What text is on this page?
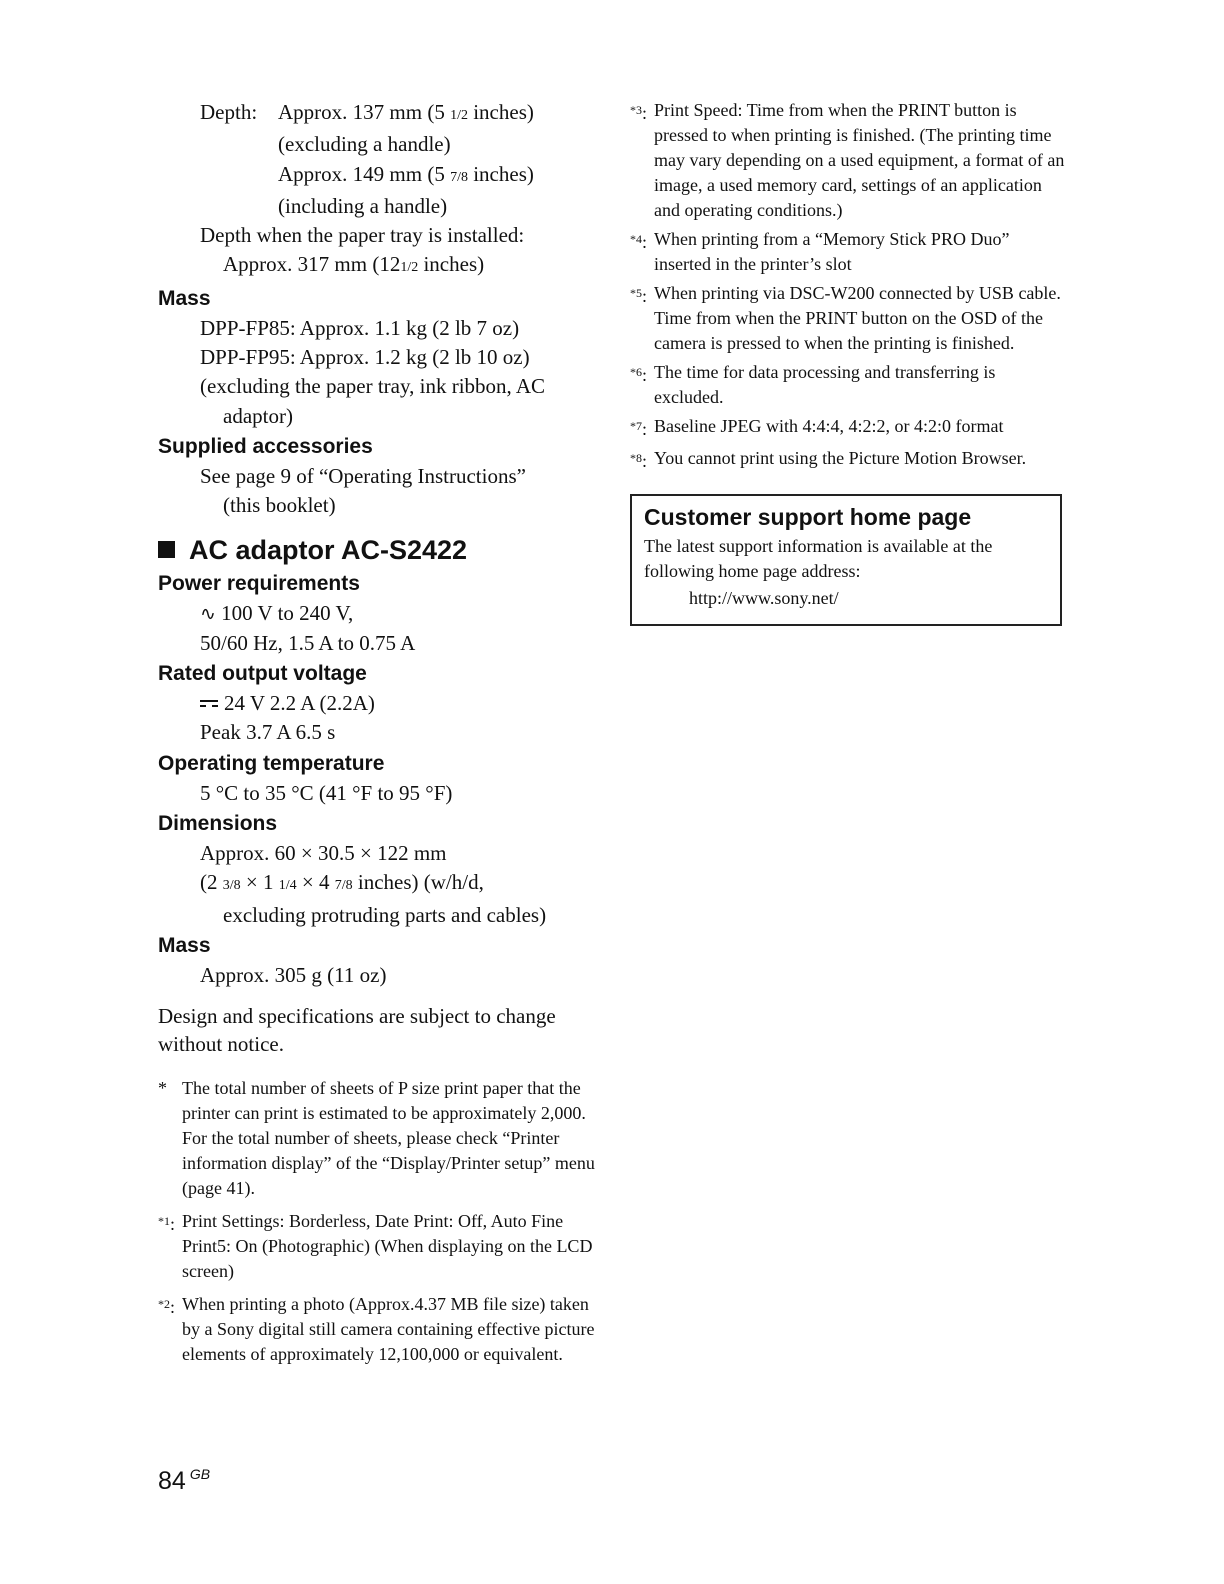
Depth: Approx. 137 mm (5 1/2 inches)
(excluding a handle)
Approx. 149 mm (5 7/8 inches)
(including a handle)
Depth when the paper tray is installed:
Approx. 317 mm (121/2 inches)
Mass
DPP-FP85: Approx. 1.1 kg (2 lb 7 oz)
DPP-FP95: Approx. 1.2 kg (2 lb 10 oz)
(excluding the paper tray, ink ribbon, AC
adaptor)
Supplied accessories
See page 9 of “Operating Instructions”
(this booklet)
AC adaptor AC-S2422
Power requirements
∿ 100 V to 240 V,
50/60 Hz, 1.5 A to 0.75 A
Rated output voltage
24 V 2.2 A (2.2A)
Peak 3.7 A 6.5 s
Operating temperature
5 °C to 35 °C (41 °F to 95 °F)
Dimensions
Approx. 60 × 30.5 × 122 mm
(2 3/8 × 1 1/4 × 4 7/8 inches) (w/h/d,
excluding protruding parts and cables)
Mass
Approx. 305 g (11 oz)
Design and specifications are subject to change without notice.
* The total number of sheets of P size print paper that the printer can print is estimated to be approximately 2,000. For the total number of sheets, please check “Printer information display” of the “Display/Printer setup” menu (page 41).
$^{*1}$: Print Settings: Borderless, Date Print: Off, Auto Fine Print5: On (Photographic) (When displaying on the LCD screen)
$^{*2}$: When printing a photo (Approx.4.37 MB file size) taken by a Sony digital still camera containing effective picture elements of approximately 12,100,000 or equivalent.
$^{*3}$: Print Speed: Time from when the PRINT button is pressed to when printing is finished. (The printing time may vary depending on a used equipment, a format of an image, a used memory card, settings of an application and operating conditions.)
$^{*4}$: When printing from a “Memory Stick PRO Duo” inserted in the printer’s slot
$^{*5}$: When printing via DSC-W200 connected by USB cable. Time from when the PRINT button on the OSD of the camera is pressed to when the printing is finished.
$^{*6}$: The time for data processing and transferring is excluded.
$^{*7}$: Baseline JPEG with 4:4:4, 4:2:2, or 4:2:0 format
$^{*8}$: You cannot print using the Picture Motion Browser.
Customer support home page
The latest support information is available at the following home page address:
http://www.sony.net/
84 $^{GB}$
